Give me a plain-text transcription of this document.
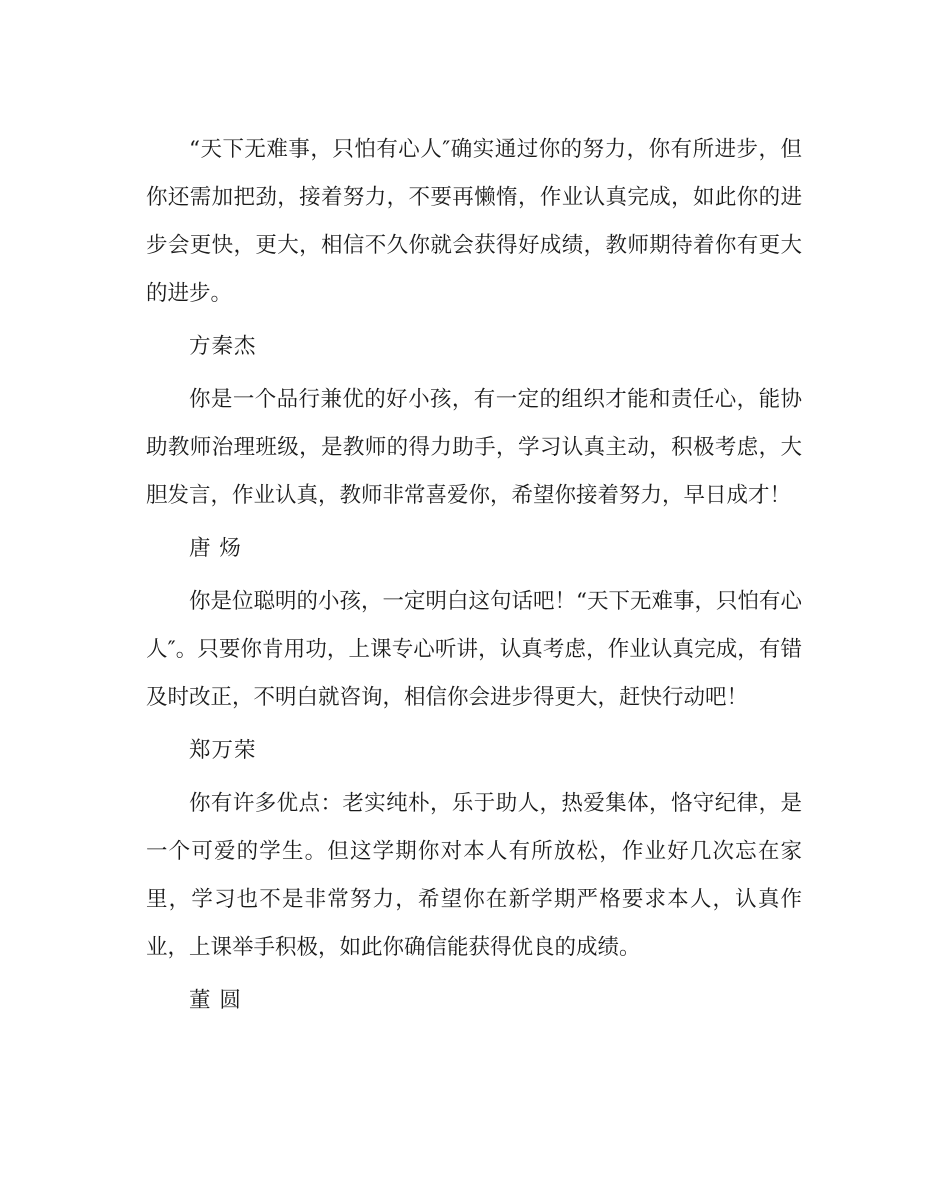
“天下无难事，只怕有心人″确实通过你的努力，你有所进步，但你还需加把劲，接着努力，不要再懒惰，作业认真完成，如此你的进步会更快，更大，相信不久你就会获得好成绩，教师期待着你有更大的进步。

方秦杰

你是一个品行兼优的好小孩，有一定的组织才能和责任心，能协助教师治理班级，是教师的得力助手，学习认真主动，积极考虑，大胆发言，作业认真，教师非常喜爱你，希望你接着努力，早日成才！

唐 炀

你是位聪明的小孩，一定明白这句话吧！“天下无难事，只怕有心人″。只要你肯用功，上课专心听讲，认真考虑，作业认真完成，有错及时改正，不明白就咨询，相信你会进步得更大，赶快行动吧！

郑万荣

你有许多优点：老实纯朴，乐于助人，热爱集体，恪守纪律，是一个可爱的学生。但这学期你对本人有所放松，作业好几次忘在家里，学习也不是非常努力，希望你在新学期严格要求本人，认真作业，上课举手积极，如此你确信能获得优良的成绩。

董 圆
